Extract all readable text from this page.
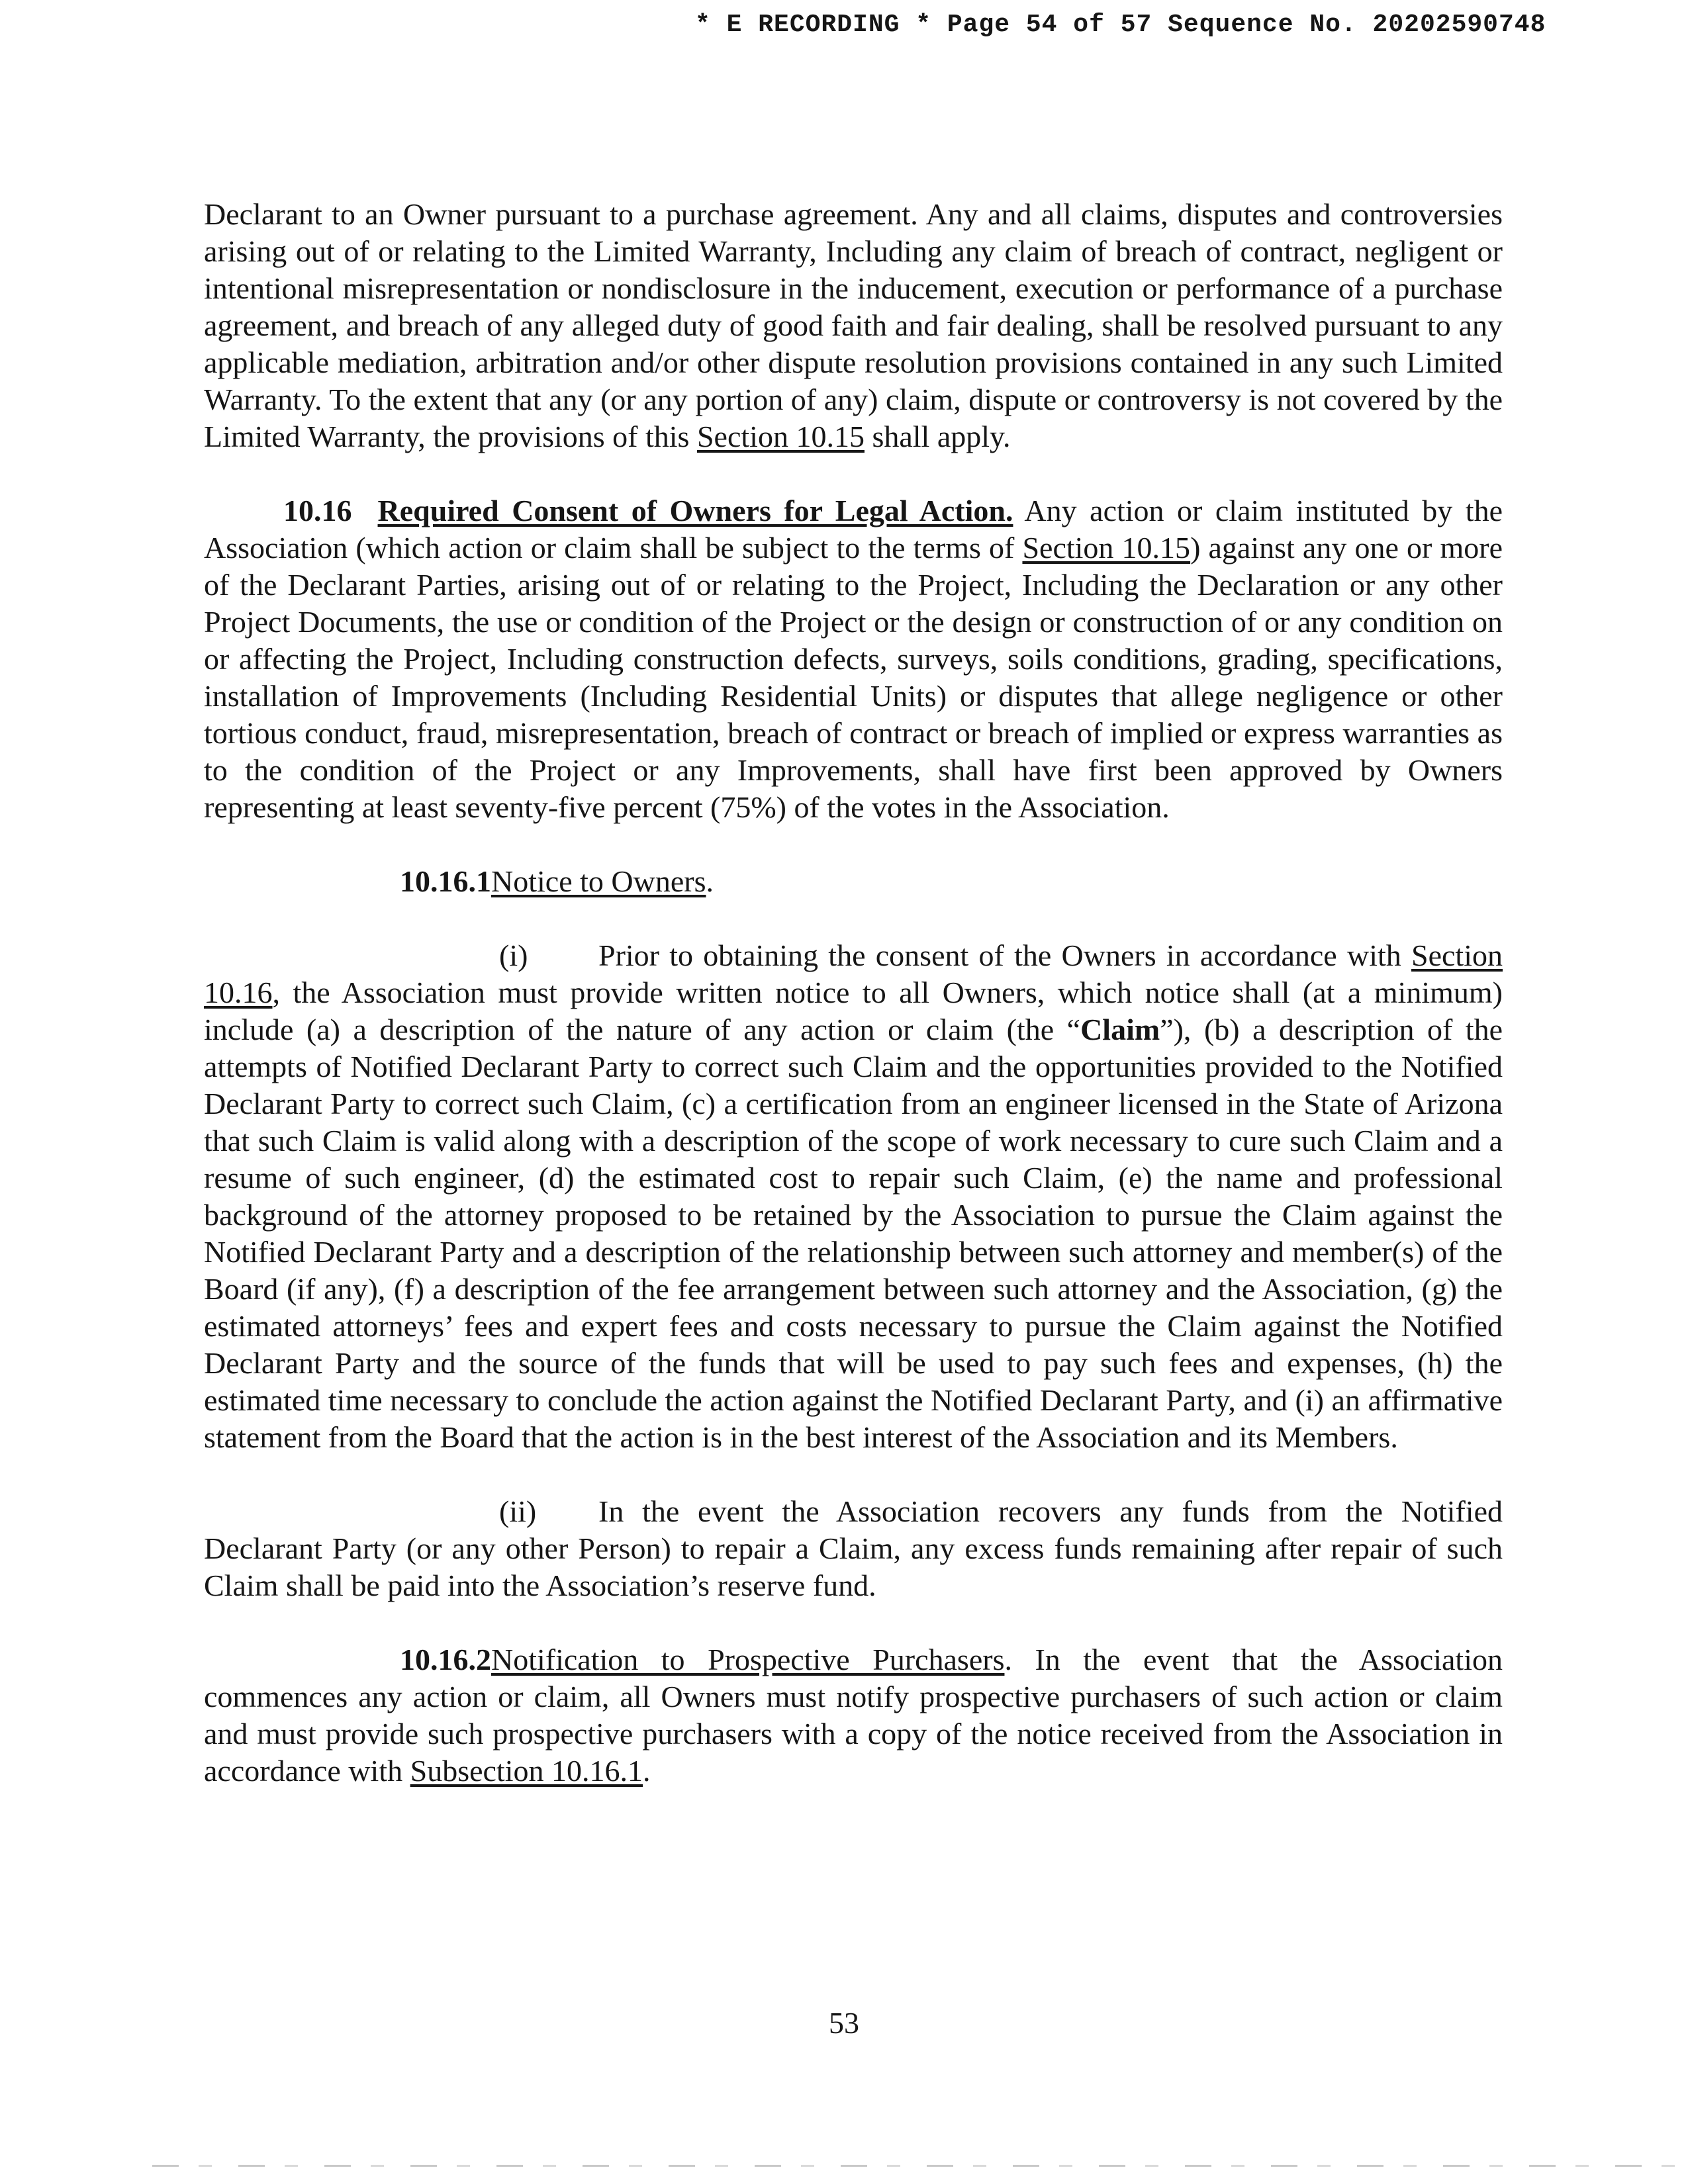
* E RECORDING * Page 54 of 57 Sequence No. 20202590748

Declarant to an Owner pursuant to a purchase agreement. Any and all claims, disputes and controversies arising out of or relating to the Limited Warranty, Including any claim of breach of contract, negligent or intentional misrepresentation or nondisclosure in the inducement, execution or performance of a purchase agreement, and breach of any alleged duty of good faith and fair dealing, shall be resolved pursuant to any applicable mediation, arbitration and/or other dispute resolution provisions contained in any such Limited Warranty. To the extent that any (or any portion of any) claim, dispute or controversy is not covered by the Limited Warranty, the provisions of this Section 10.15 shall apply.

10.16 Required Consent of Owners for Legal Action. Any action or claim instituted by the Association (which action or claim shall be subject to the terms of Section 10.15) against any one or more of the Declarant Parties, arising out of or relating to the Project, Including the Declaration or any other Project Documents, the use or condition of the Project or the design or construction of or any condition on or affecting the Project, Including construction defects, surveys, soils conditions, grading, specifications, installation of Improvements (Including Residential Units) or disputes that allege negligence or other tortious conduct, fraud, misrepresentation, breach of contract or breach of implied or express warranties as to the condition of the Project or any Improvements, shall have first been approved by Owners representing at least seventy-five percent (75%) of the votes in the Association.

10.16.1Notice to Owners.

(i) Prior to obtaining the consent of the Owners in accordance with Section 10.16, the Association must provide written notice to all Owners, which notice shall (at a minimum) include (a) a description of the nature of any action or claim (the “Claim”), (b) a description of the attempts of Notified Declarant Party to correct such Claim and the opportunities provided to the Notified Declarant Party to correct such Claim, (c) a certification from an engineer licensed in the State of Arizona that such Claim is valid along with a description of the scope of work necessary to cure such Claim and a resume of such engineer, (d) the estimated cost to repair such Claim, (e) the name and professional background of the attorney proposed to be retained by the Association to pursue the Claim against the Notified Declarant Party and a description of the relationship between such attorney and member(s) of the Board (if any), (f) a description of the fee arrangement between such attorney and the Association, (g) the estimated attorneys’ fees and expert fees and costs necessary to pursue the Claim against the Notified Declarant Party and the source of the funds that will be used to pay such fees and expenses, (h) the estimated time necessary to conclude the action against the Notified Declarant Party, and (i) an affirmative statement from the Board that the action is in the best interest of the Association and its Members.

(ii) In the event the Association recovers any funds from the Notified Declarant Party (or any other Person) to repair a Claim, any excess funds remaining after repair of such Claim shall be paid into the Association’s reserve fund.

10.16.2Notification to Prospective Purchasers. In the event that the Association commences any action or claim, all Owners must notify prospective purchasers of such action or claim and must provide such prospective purchasers with a copy of the notice received from the Association in accordance with Subsection 10.16.1.

53
